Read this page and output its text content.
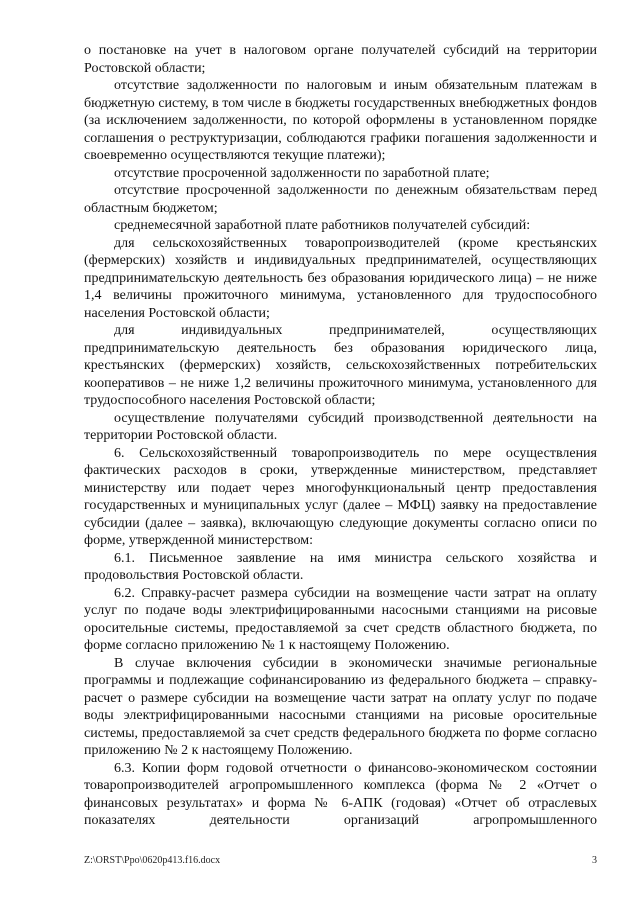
о постановке на учет в налоговом органе получателей субсидий на территории Ростовской области;

отсутствие задолженности по налоговым и иным обязательным платежам в бюджетную систему, в том числе в бюджеты государственных внебюджетных фондов (за исключением задолженности, по которой оформлены в установленном порядке соглашения о реструктуризации, соблюдаются графики погашения задолженности и своевременно осуществляются текущие платежи);

отсутствие просроченной задолженности по заработной плате;

отсутствие просроченной задолженности по денежным обязательствам перед областным бюджетом;

среднемесячной заработной плате работников получателей субсидий:

для сельскохозяйственных товаропроизводителей (кроме крестьянских (фермерских) хозяйств и индивидуальных предпринимателей, осуществляющих предпринимательскую деятельность без образования юридического лица) – не ниже 1,4 величины прожиточного минимума, установленного для трудоспособного населения Ростовской области;

для индивидуальных предпринимателей, осуществляющих предпринимательскую деятельность без образования юридического лица, крестьянских (фермерских) хозяйств, сельскохозяйственных потребительских кооперативов – не ниже 1,2 величины прожиточного минимума, установленного для трудоспособного населения Ростовской области;

осуществление получателями субсидий производственной деятельности на территории Ростовской области.

6. Сельскохозяйственный товаропроизводитель по мере осуществления фактических расходов в сроки, утвержденные министерством, представляет министерству или подает через многофункциональный центр предоставления государственных и муниципальных услуг (далее – МФЦ) заявку на предоставление субсидии (далее – заявка), включающую следующие документы согласно описи по форме, утвержденной министерством:

6.1. Письменное заявление на имя министра сельского хозяйства и продовольствия Ростовской области.

6.2. Справку-расчет размера субсидии на возмещение части затрат на оплату услуг по подаче воды электрифицированными насосными станциями на рисовые оросительные системы, предоставляемой за счет средств областного бюджета, по форме согласно приложению № 1 к настоящему Положению.

В случае включения субсидии в экономически значимые региональные программы и подлежащие софинансированию из федерального бюджета – справку-расчет о размере субсидии на возмещение части затрат на оплату услуг по подаче воды электрифицированными насосными станциями на рисовые оросительные системы, предоставляемой за счет средств федерального бюджета по форме согласно приложению № 2 к настоящему Положению.

6.3. Копии форм годовой отчетности о финансово-экономическом состоянии товаропроизводителей агропромышленного комплекса (форма № 2 «Отчет о финансовых результатах» и форма № 6-АПК (годовая) «Отчет об отраслевых показателях деятельности организаций агропромышленного

Z:\ORST\Ppo\0620p413.f16.docx	3
